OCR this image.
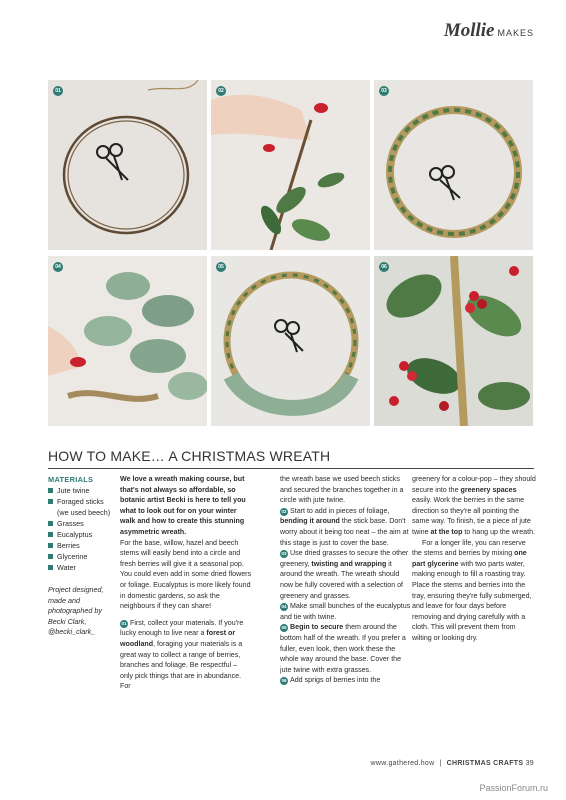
Mollie MAKES
01	02	03
04	05	06
HOW TO MAKE… A CHRISTMAS WREATH
MATERIALS
Jute twine
Foraged sticks (we used beech)
Grasses
Eucalyptus
Berries
Glycerine
Water
Project designed, made and photographed by Becki Clark, @becki_clark_

We love a wreath making course, but that's not always so affordable, so botanic artist Becki is here to tell you what to look out for on your winter walk and how to create this stunning asymmetric wreath.

For the base, willow, hazel and beech stems will easily bend into a circle and fresh berries will give it a seasonal pop. You could even add in some dried flowers or foliage. Eucalyptus is more likely found in domestic gardens, so ask the neighbours if they can share!

01 First, collect your materials. If you're lucky enough to live near a forest or woodland, foraging your materials is a great way to collect a range of berries, branches and foliage. Be respectful – only pick things that are in abundance. For

the wreath base we used beech sticks and secured the branches together in a circle with jute twine.

02 Start to add in pieces of foliage, bending it around the stick base. Don't worry about it being too neat – the aim at this stage is just to cover the base.

03 Use dried grasses to secure the other greenery, twisting and wrapping it around the wreath. The wreath should now be fully covered with a selection of greenery and grasses.

04 Make small bunches of the eucalyptus and tie with twine.

05 Begin to secure them around the bottom half of the wreath. If you prefer a fuller, even look, then work these the whole way around the base. Cover the jute twine with extra grasses.

06 Add sprigs of berries into the

greenery for a colour-pop – they should secure into the greenery spaces easily. Work the berries in the same direction so they're all pointing the same way. To finish, tie a piece of jute twine at the top to hang up the wreath.

For a longer life, you can reserve the stems and berries by mixing one part glycerine with two parts water, making enough to fill a roasting tray. Place the stems and berries into the tray, ensuring they're fully submerged, and leave for four days before removing and drying carefully with a cloth. This will prevent them from wilting or looking dry.

www.gathered.how | CHRISTMAS CRAFTS 39
PassionForum.ru
